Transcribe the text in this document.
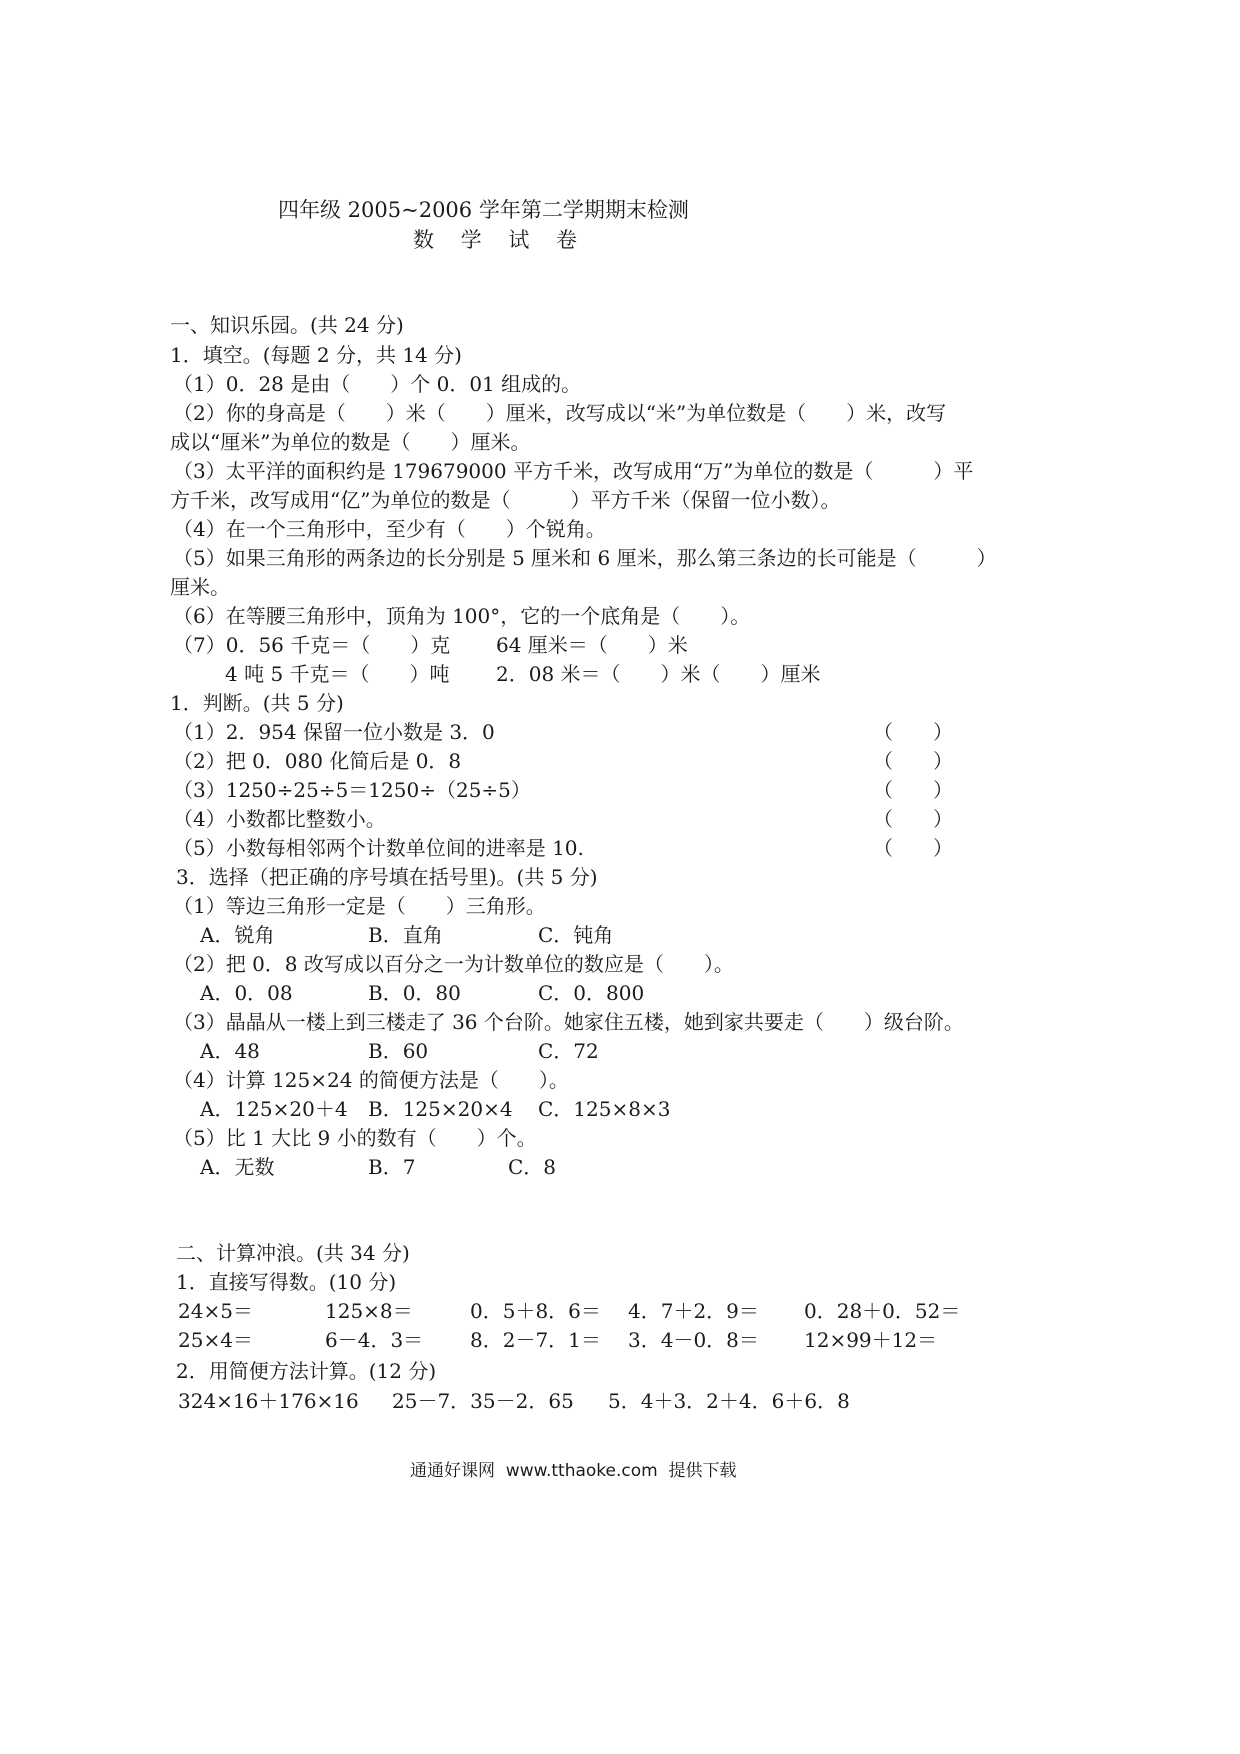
四年级 2005~2006 学年第二学期期末检测
数 学 试 卷
一、知识乐园。(共 24 分)
1．填空。(每题 2 分，共 14 分)
（1）0．28 是由（　　）个 0．01 组成的。
（2）你的身高是（　　）米（　　）厘米，改写成以“米”为单位数是（　　）米，改写
成以“厘米”为单位的数是（　　）厘米。
（3）太平洋的面积约是 179679000 平方千米，改写成用“万”为单位的数是（　　　）平
方千米，改写成用“亿”为单位的数是（　　　）平方千米（保留一位小数）。
（4）在一个三角形中，至少有（　　）个锐角。
（5）如果三角形的两条边的长分别是 5 厘米和 6 厘米，那么第三条边的长可能是（　　　）
厘米。
（6）在等腰三角形中，顶角为 100°，它的一个底角是（　　）。
（7）0．56 千克＝（　　）克 64 厘米＝（　　）米
4 吨 5 千克＝（　　）吨 2．08 米＝（　　）米（　　）厘米
1．判断。(共 5 分)
（1）2．954 保留一位小数是 3．0	（　　）
（2）把 0．080 化简后是 0．8	（　　）
（3）1250÷25÷5＝1250÷（25÷5）	（　　）
（4）小数都比整数小。	（　　）
（5）小数每相邻两个计数单位间的进率是 10.	（　　）
3．选择（把正确的序号填在括号里)。(共 5 分)
（1）等边三角形一定是（　　）三角形。
A．锐角	B．直角	C．钝角
（2）把 0．8 改写成以百分之一为计数单位的数应是（　　）。
A．0．08	B．0．80	C．0．800
（3）晶晶从一楼上到三楼走了 36 个台阶。她家住五楼，她到家共要走（　　）级台阶。
A．48	B．60	C．72
（4）计算 125×24 的简便方法是（　　）。
A．125×20＋4 B．125×20×4 C．125×8×3
（5）比 1 大比 9 小的数有（　　）个。
A．无数	B．7	C．8
二、计算冲浪。(共 34 分)
1．直接写得数。(10 分)
24×5＝	125×8＝	0．5＋8．6＝ 4．7＋2．9＝ 0．28＋0．52＝
25×4＝	6－4．3＝ 8．2－7．1＝ 3．4－0．8＝ 12×99＋12＝
2．用简便方法计算。(12 分)
324×16＋176×16 25－7．35－2．65 5．4＋3．2＋4．6＋6．8
通通好课网  www.tthaoke.com  提供下载
